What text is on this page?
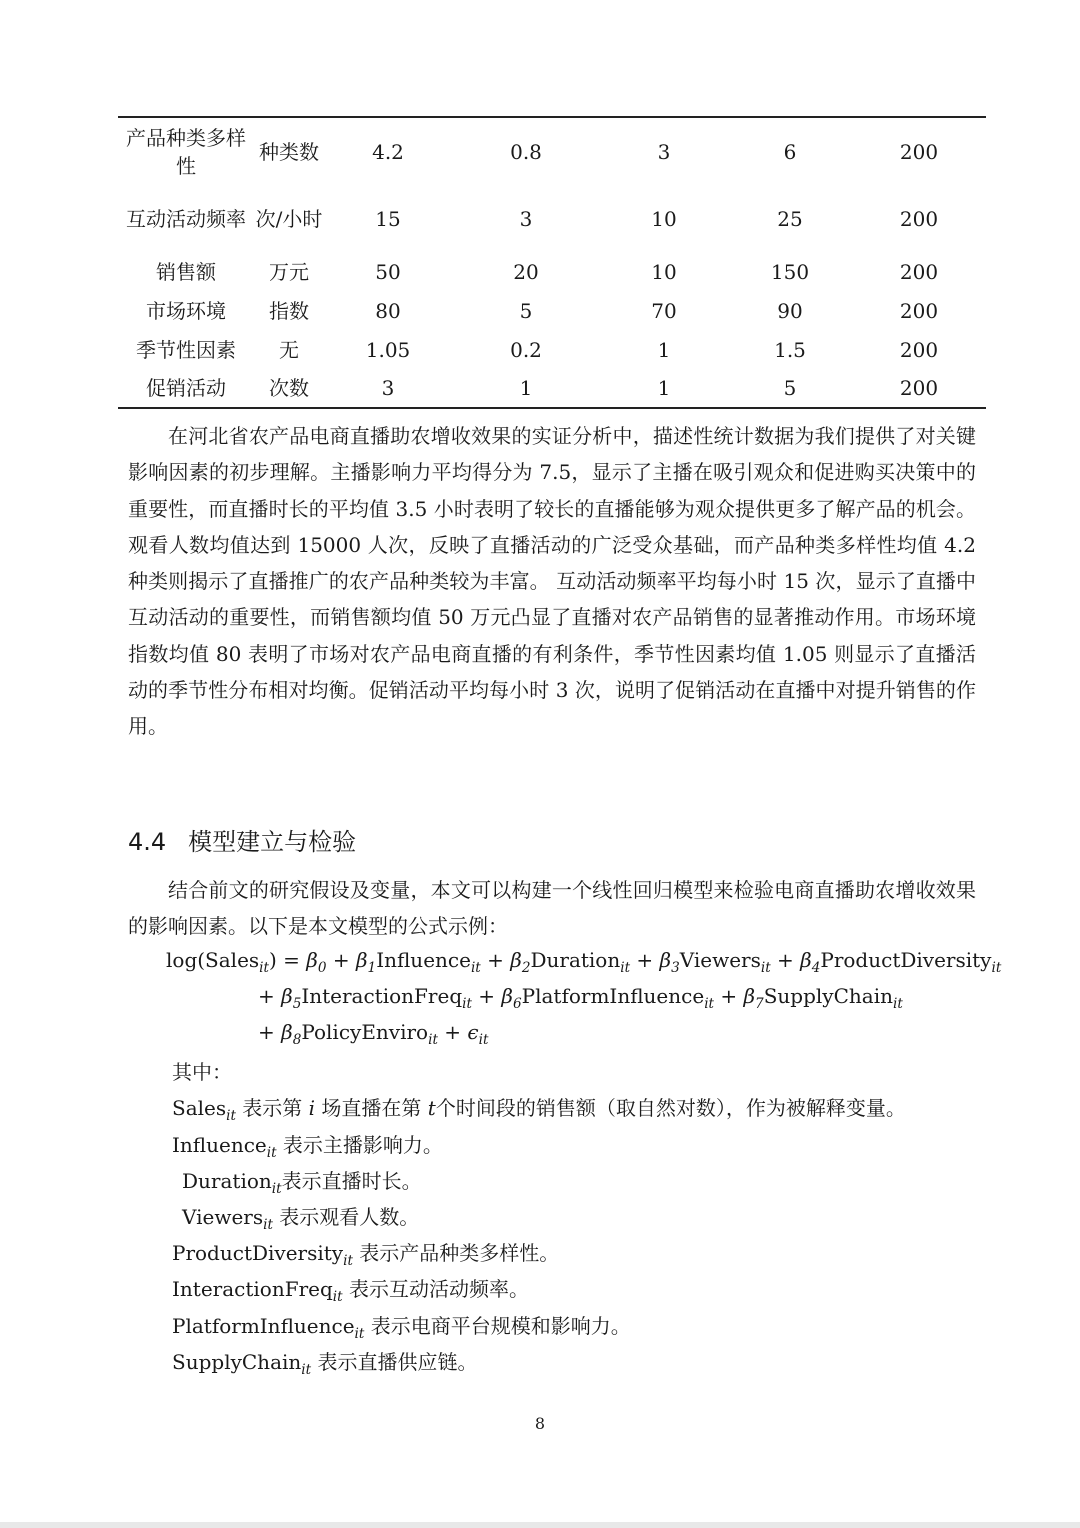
产品种类多样性	种类数	4.2	0.8	3	6	200
互动活动频率	次/小时	15	3	10	25	200
销售额	万元	50	20	10	150	200
市场环境	指数	80	5	70	90	200
季节性因素	无	1.05	0.2	1	1.5	200
促销活动	次数	3	1	1	5	200

在河北省农产品电商直播助农增收效果的实证分析中，描述性统计数据为我们提供了对关键影响因素的初步理解。主播影响力平均得分为 7.5，显示了主播在吸引观众和促进购买决策中的重要性，而直播时长的平均值 3.5 小时表明了较长的直播能够为观众提供更多了解产品的机会。观看人数均值达到 15000 人次，反映了直播活动的广泛受众基础，而产品种类多样性均值 4.2 种类则揭示了直播推广的农产品种类较为丰富。 互动活动频率平均每小时 15 次，显示了直播中互动活动的重要性，而销售额均值 50 万元凸显了直播对农产品销售的显著推动作用。市场环境指数均值 80 表明了市场对农产品电商直播的有利条件，季节性因素均值 1.05 则显示了直播活动的季节性分布相对均衡。促销活动平均每小时 3 次，说明了促销活动在直播中对提升销售的作用。

4.4 模型建立与检验

结合前文的研究假设及变量，本文可以构建一个线性回归模型来检验电商直播助农增收效果的影响因素。以下是本文模型的公式示例：

log(Sales$_{it}$) = $\beta_0$ + $\beta_1Influence_{it}$ + $\beta_2Duration_{it}$ + $\beta_3Viewers_{it}$ + $\beta_4ProductDiversity_{it}$
+ $\beta_5InteractionFreq_{it}$ + $\beta_6PlatformInfluence_{it}$ + $\beta_7SupplyChain_{it}$
+ $\beta_8PolicyEnviro_{it} + \epsilon_{it}$
其中：
Sales$_{it}$ 表示第 i 场直播在第 t个时间段的销售额（取自然对数），作为被解释变量。
Influence$_{it}$ 表示主播影响力。
Duration$_{it}$表示直播时长。
Viewers$_{it}$ 表示观看人数。
ProductDiversity$_{it}$ 表示产品种类多样性。
InteractionFreq$_{it}$ 表示互动活动频率。
PlatformInfluence$_{it}$ 表示电商平台规模和影响力。
SupplyChain$_{it}$ 表示直播供应链。
8
